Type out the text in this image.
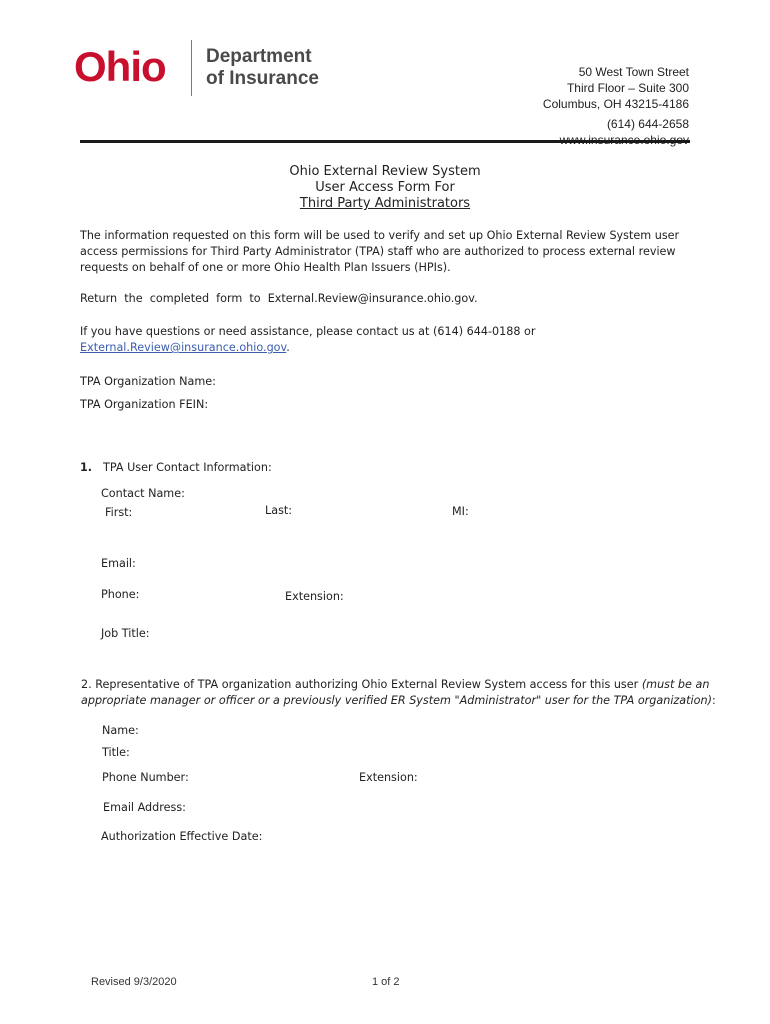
Ohio Department
of Insurance	50 West Town Street
Third Floor – Suite 300
Columbus, OH 43215-4186
(614) 644-2658
Ohio External Review System
User Access Form For
Third Party Administrators
The information requested on this form will be used to verify and set up Ohio External Review System user access permissions for Third Party Administrator (TPA) staff who are authorized to process external review requests on behalf of one or more Ohio Health Plan Issuers (HPIs).
Return  the  completed  form  to  External.Review@insurance.ohio.gov.
If you have questions or need assistance, please contact us at (614) 644-0188 or External.Review@insurance.ohio.gov.
TPA Organization Name:
TPA Organization FEIN:
1. TPA User Contact Information:
Contact Name:
First:	Last:	MI:
Email:
Phone:	Extension:
Job Title:
2. Representative of TPA organization authorizing Ohio External Review System access for this user (must be an appropriate manager or officer or a previously verified ER System "Administrator" user for the TPA organization):
Name:
Title:
Phone Number:	Extension:
Email Address:
Authorization Effective Date:
Revised 9/3/2020	1 of 2
